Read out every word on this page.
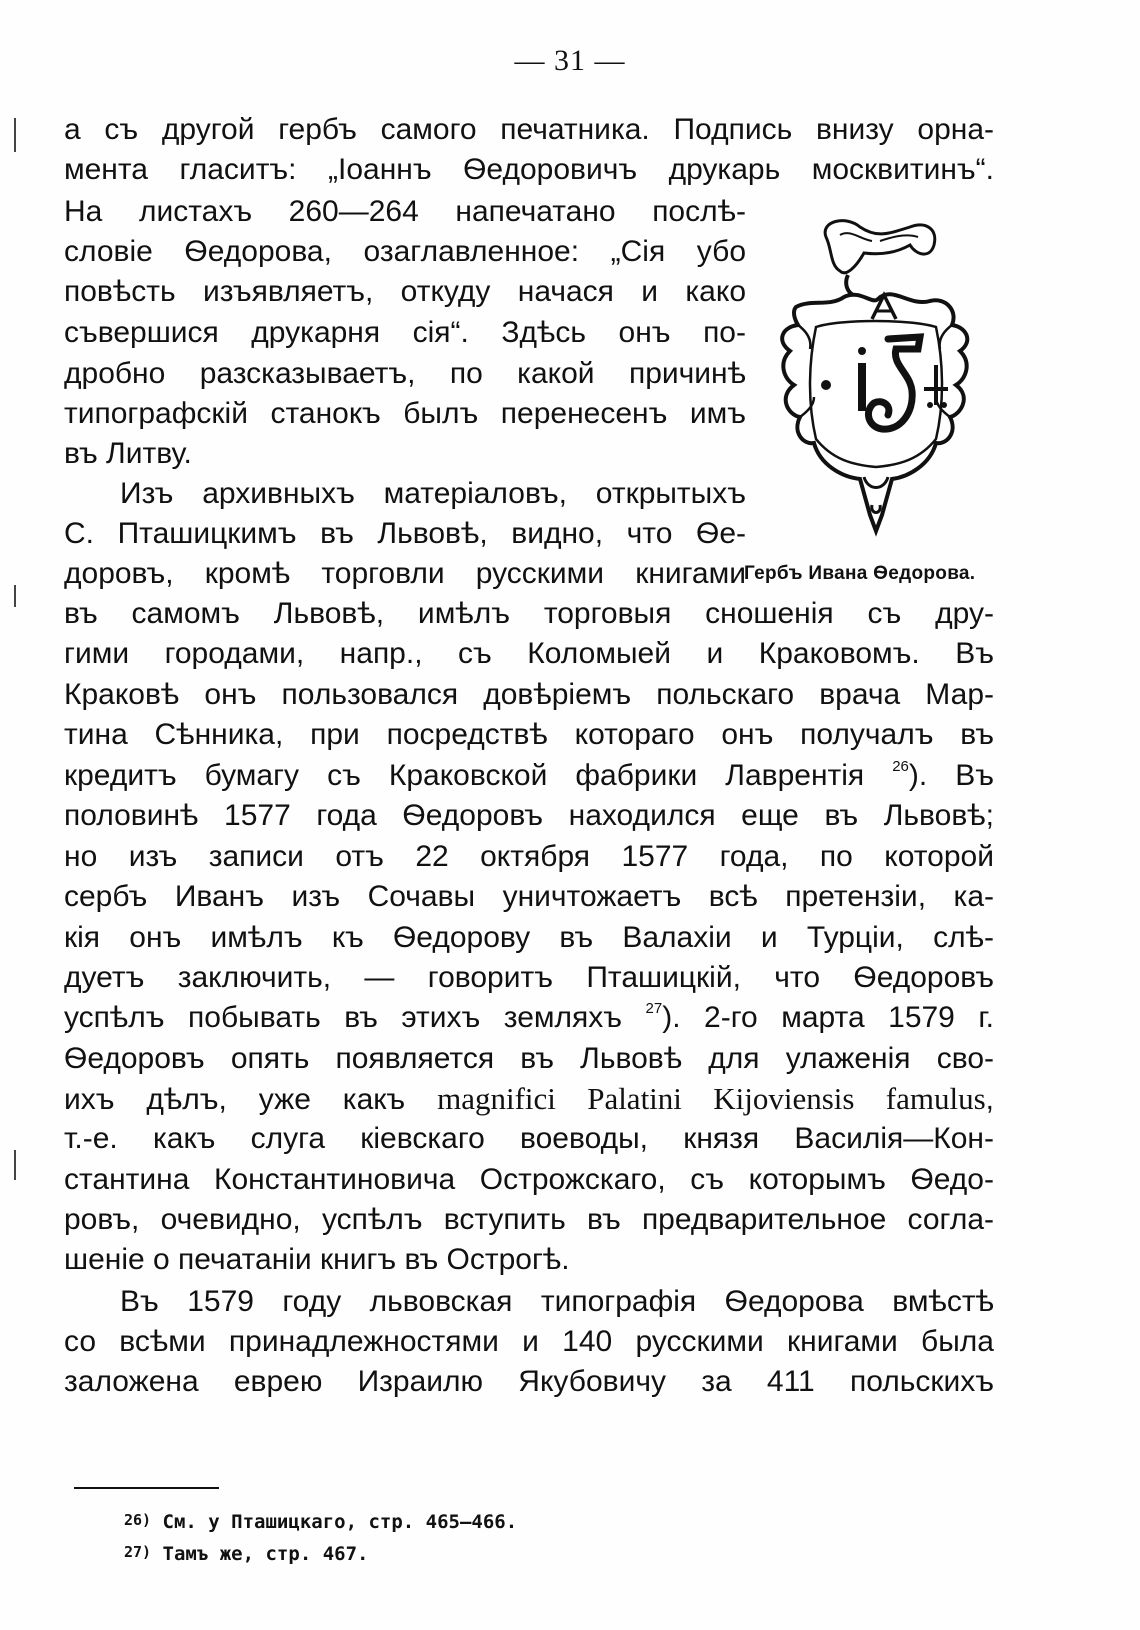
— 31 —
а съ другой гербъ самого печатника. Подпись внизу орна-
мента гласитъ: „Іоаннъ Ѳедоровичъ друкарь москвитинъ“.
На листахъ 260—264 напечатано послѣ-
словіе Ѳедорова, озаглавленное: „Сія убо
повѣсть изъявляетъ, откуду начася и како
съвершися друкарня сія“. Здѣсь онъ по-
дробно разсказываетъ, по какой причинѣ
типографскій станокъ былъ перенесенъ имъ
въ Литву.
Изъ архивныхъ матеріаловъ, открытыхъ
С. Пташицкимъ въ Львовѣ, видно, что Ѳе-
доровъ, кромѣ торговли русскими книгами
въ самомъ Львовѣ, имѣлъ торговыя сношенія съ дру-
гими городами, напр., съ Коломыей и Краковомъ. Въ
Краковѣ онъ пользовался довѣріемъ польскаго врача Мар-
тина Сѣнника, при посредствѣ котораго онъ получалъ въ
кредитъ бумагу съ Краковской фабрики Лаврентія $^{26}$). Въ
половинѣ 1577 года Ѳедоровъ находился еще въ Львовѣ;
но изъ записи отъ 22 октября 1577 года, по которой
сербъ Иванъ изъ Сочавы уничтожаетъ всѣ претензіи, ка-
кія онъ имѣлъ къ Ѳедорову въ Валахіи и Турціи, слѣ-
дуетъ заключить, — говоритъ Пташицкій, что Ѳедоровъ
успѣлъ побывать въ этихъ земляхъ $^{27}$). 2-го марта 1579 г.
Ѳедоровъ опять появляется въ Львовѣ для улаженія сво-
ихъ дѣлъ, уже какъ magnifici Palatini Kijoviensis famulus,
т.-е. какъ слуга кіевскаго воеводы, князя Василія—Кон-
стантина Константиновича Острожскаго, съ которымъ Ѳедо-
ровъ, очевидно, успѣлъ вступить въ предварительное согла-
шеніе о печатаніи книгъ въ Острогѣ.
Въ 1579 году львовская типографія Ѳедорова вмѣстѣ
со всѣми принадлежностями и 140 русскими книгами была
заложена еврею Израилю Якубовичу за 411 польскихъ
Гербъ Ивана Ѳедорова.
26) См. у Пташицкаго, стр. 465—466.
27) Тамъ же, стр. 467.
